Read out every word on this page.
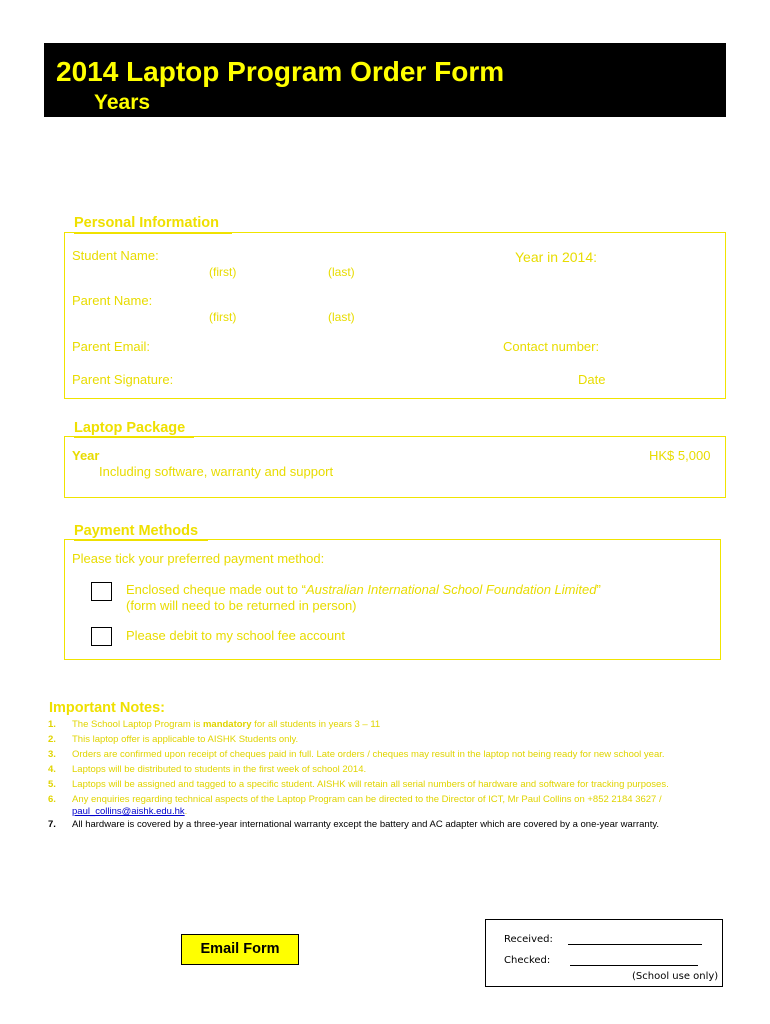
2014 Laptop Program Order Form
Years
Personal Information
Student Name:	Year in 2014:
(first)	(last)
Parent Name:
(first)	(last)
Parent Email:	Contact number:
Parent Signature:	Date
Laptop Package
Year	HK$ 5,000
Including software, warranty and support
Payment Methods
Please tick your preferred payment method:
Enclosed cheque made out to “Australian International School Foundation Limited”
(form will need to be returned in person)
Please debit to my school fee account
Important Notes:
1. The School Laptop Program is mandatory for all students in years 3 – 11
2. This laptop offer is applicable to AISHK Students only.
3. Orders are confirmed upon receipt of cheques paid in full. Late orders / cheques may result in the laptop not being ready for new school year.
4. Laptops will be distributed to students in the first week of school 2014.
5. Laptops will be assigned and tagged to a specific student. AISHK will retain all serial numbers of hardware and software for tracking purposes.
6. Any enquiries regarding technical aspects of the Laptop Program can be directed to the Director of ICT, Mr Paul Collins on +852 2184 3627 /
paul_collins@aishk.edu.hk.
7. All hardware is covered by a three-year international warranty except the battery and AC adapter which are covered by a one-year warranty.
Email Form
Received:
Checked:
(School use only)
